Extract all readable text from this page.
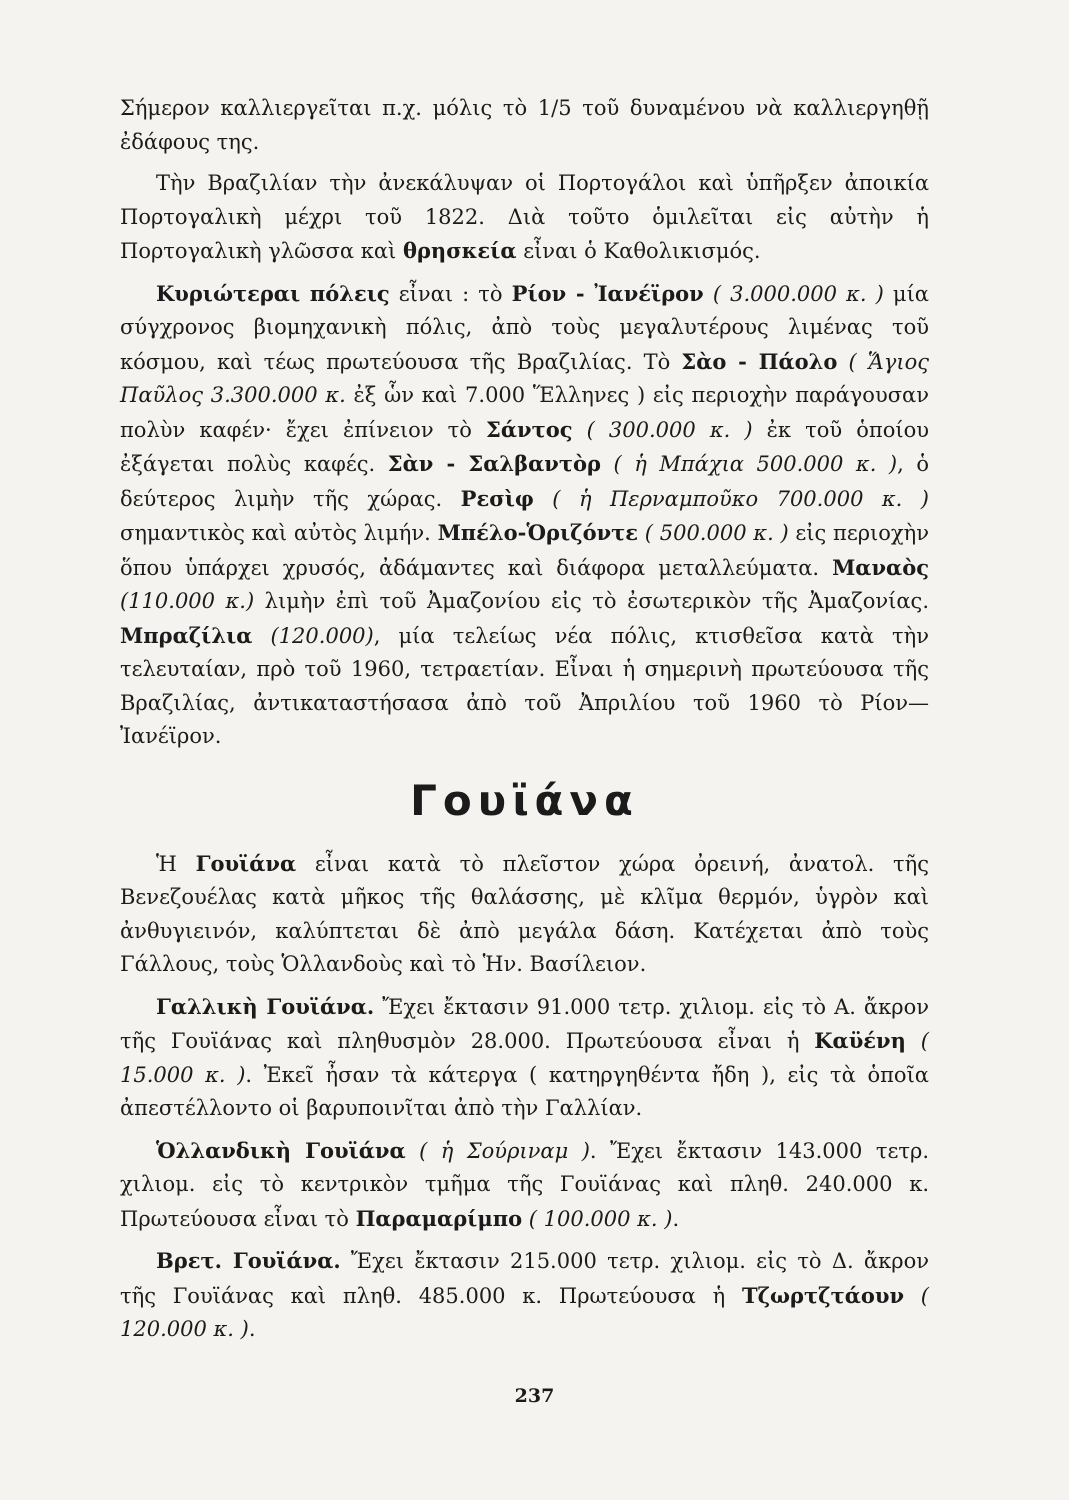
Σήμερον καλλιεργεῖται π.χ. μόλις τὸ 1/5 τοῦ δυναμένου νὰ καλλιεργηθῇ ἐδάφους της.

Τὴν Βραζιλίαν τὴν ἀνεκάλυψαν οἱ Πορτογάλοι καὶ ὑπῆρξεν ἀποικία Πορτογαλικὴ μέχρι τοῦ 1822. Διὰ τοῦτο ὁμιλεῖται εἰς αὐτὴν ἡ Πορτογαλικὴ γλῶσσα καὶ θρησκεία εἶναι ὁ Καθολικισμός.

Κυριώτεραι πόλεις εἶναι : τὸ Ρίον - Ἰανέϊρον ( 3.000.000 κ. ) μία σύγχρονος βιομηχανικὴ πόλις, ἀπὸ τοὺς μεγαλυτέρους λιμένας τοῦ κόσμου, καὶ τέως πρωτεύουσα τῆς Βραζιλίας. Τὸ Σὰο - Πάολο ( Ἅγιος Παῦλος 3.300.000 κ. ἐξ ὧν καὶ 7.000 Ἕλληνες ) εἰς περιοχὴν παράγουσαν πολὺν καφέν· ἔχει ἐπίνειον τὸ Σάντος ( 300.000 κ. ) ἐκ τοῦ ὁποίου ἐξάγεται πολὺς καφές. Σὰν - Σαλβαντὸρ ( ἡ Μπάχια 500.000 κ. ), ὁ δεύτερος λιμὴν τῆς χώρας. Ρεσὶφ ( ἡ Περναμποῦκο 700.000 κ. ) σημαντικὸς καὶ αὐτὸς λιμήν. Μπέλο-Ὁριζόντε ( 500.000 κ. ) εἰς περιοχὴν ὅπου ὑπάρχει χρυσός, ἀδάμαντες καὶ διάφορα μεταλλεύματα. Μαναὸς (110.000 κ.) λιμὴν ἐπὶ τοῦ Ἀμαζονίου εἰς τὸ ἐσωτερικὸν τῆς Ἀμαζονίας. Μπραζίλια (120.000), μία τελείως νέα πόλις, κτισθεῖσα κατὰ τὴν τελευταίαν, πρὸ τοῦ 1960, τετραετίαν. Εἶναι ἡ σημερινὴ πρωτεύουσα τῆς Βραζιλίας, ἀντικαταστήσασα ἀπὸ τοῦ Ἀπριλίου τοῦ 1960 τὸ Ρίον—Ἰανέϊρον.

Γουϊάνα

Ἡ Γουϊάνα εἶναι κατὰ τὸ πλεῖστον χώρα ὀρεινή, ἀνατολ. τῆς Βενεζουέλας κατὰ μῆκος τῆς θαλάσσης, μὲ κλῖμα θερμόν, ὑγρὸν καὶ ἀνθυγιεινόν, καλύπτεται δὲ ἀπὸ μεγάλα δάση. Κατέχεται ἀπὸ τοὺς Γάλλους, τοὺς Ὁλλανδοὺς καὶ τὸ Ἡν. Βασίλειον.

Γαλλικὴ Γουϊάνα. Ἔχει ἔκτασιν 91.000 τετρ. χιλιομ. εἰς τὸ Α. ἄκρον τῆς Γουϊάνας καὶ πληθυσμὸν 28.000. Πρωτεύουσα εἶναι ἡ Καϋένη ( 15.000 κ. ). Ἐκεῖ ἦσαν τὰ κάτεργα ( κατηργηθέντα ἤδη ), εἰς τὰ ὁποῖα ἀπεστέλλοντο οἱ βαρυποινῖται ἀπὸ τὴν Γαλλίαν.

Ὁλλανδικὴ Γουϊάνα ( ἡ Σούριναμ ). Ἔχει ἔκτασιν 143.000 τετρ. χιλιομ. εἰς τὸ κεντρικὸν τμῆμα τῆς Γουϊάνας καὶ πληθ. 240.000 κ. Πρωτεύουσα εἶναι τὸ Παραμαρίμπο ( 100.000 κ. ).

Βρετ. Γουϊάνα. Ἔχει ἔκτασιν 215.000 τετρ. χιλιομ. εἰς τὸ Δ. ἄκρον τῆς Γουϊάνας καὶ πληθ. 485.000 κ. Πρωτεύουσα ἡ Τζωρτζτάουν ( 120.000 κ. ).

237
